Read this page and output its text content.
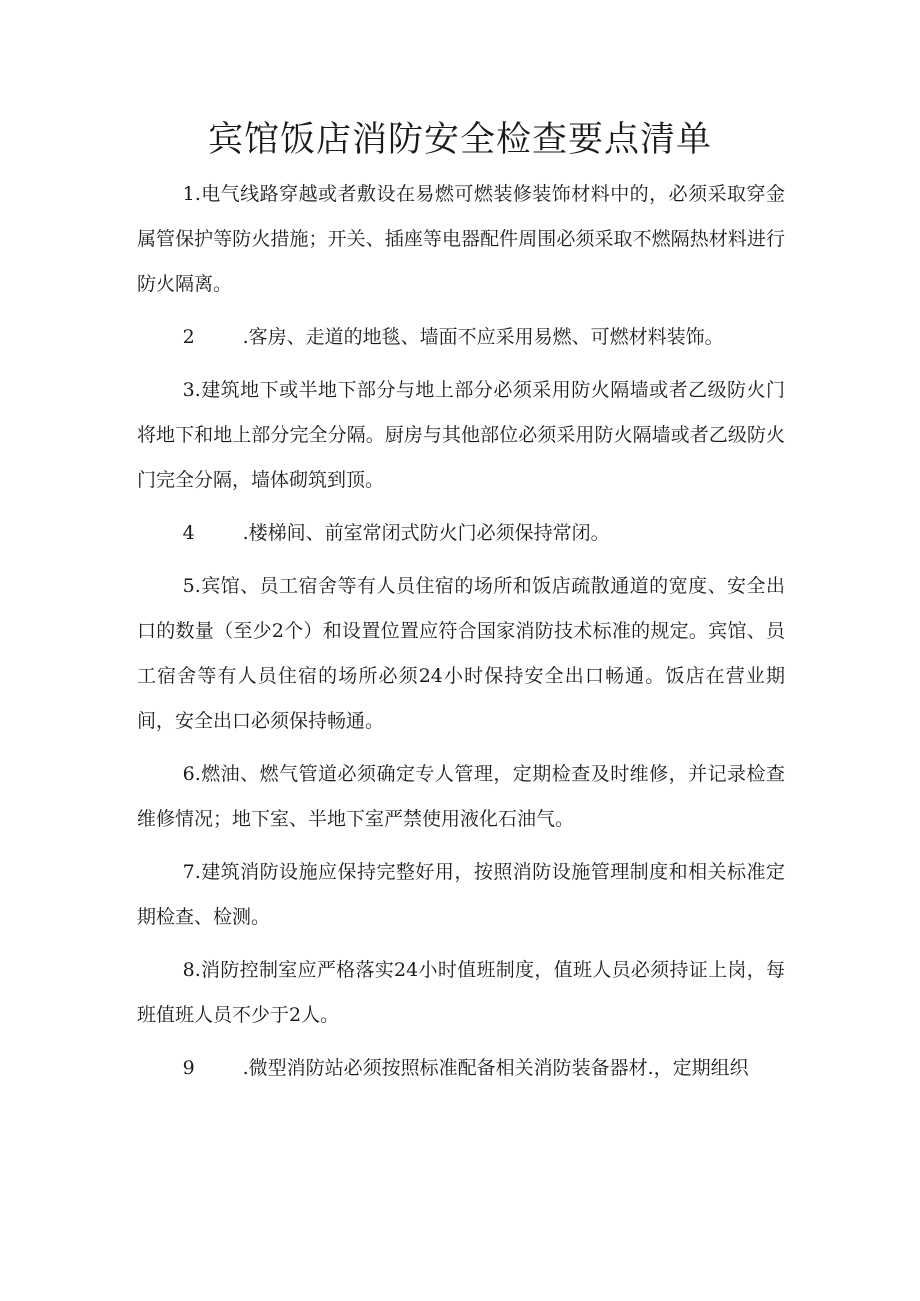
宾馆饭店消防安全检查要点清单

1.电气线路穿越或者敷设在易燃可燃装修装饰材料中的，必须采取穿金属管保护等防火措施；开关、插座等电器配件周围必须采取不燃隔热材料进行防火隔离。

2	.客房、走道的地毯、墙面不应采用易燃、可燃材料装饰。

3.建筑地下或半地下部分与地上部分必须采用防火隔墙或者乙级防火门将地下和地上部分完全分隔。厨房与其他部位必须采用防火隔墙或者乙级防火门完全分隔，墙体砌筑到顶。

4	.楼梯间、前室常闭式防火门必须保持常闭。

5.宾馆、员工宿舍等有人员住宿的场所和饭店疏散通道的宽度、安全出口的数量（至少2个）和设置位置应符合国家消防技术标准的规定。宾馆、员工宿舍等有人员住宿的场所必须24小时保持安全出口畅通。饭店在营业期间，安全出口必须保持畅通。

6.燃油、燃气管道必须确定专人管理，定期检查及时维修，并记录检查维修情况；地下室、半地下室严禁使用液化石油气。

7.建筑消防设施应保持完整好用，按照消防设施管理制度和相关标准定期检查、检测。

8.消防控制室应严格落实24小时值班制度，值班人员必须持证上岗，每班值班人员不少于2人。

9	.微型消防站必须按照标准配备相关消防装备器材.，定期组织
